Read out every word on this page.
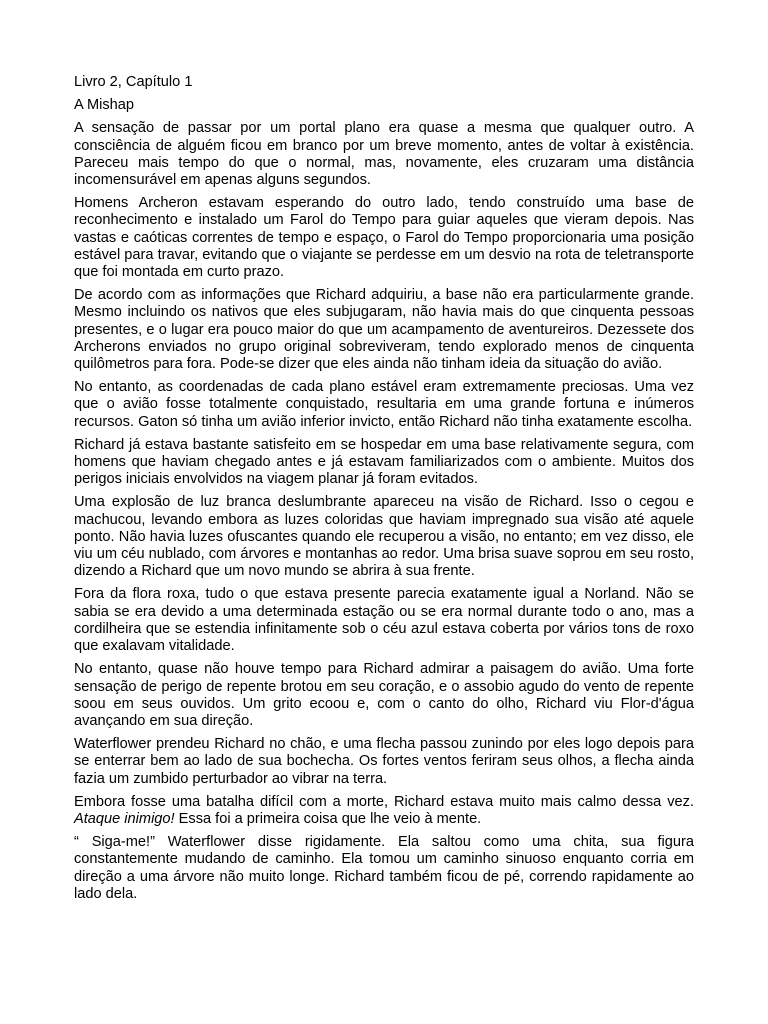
Livro 2, Capítulo 1

A Mishap

A sensação de passar por um portal plano era quase a mesma que qualquer outro. A consciência de alguém ficou em branco por um breve momento, antes de voltar à existência. Pareceu mais tempo do que o normal, mas, novamente, eles cruzaram uma distância incomensurável em apenas alguns segundos.

Homens Archeron estavam esperando do outro lado, tendo construído uma base de reconhecimento e instalado um Farol do Tempo para guiar aqueles que vieram depois. Nas vastas e caóticas correntes de tempo e espaço, o Farol do Tempo proporcionaria uma posição estável para travar, evitando que o viajante se perdesse em um desvio na rota de teletransporte que foi montada em curto prazo.

De acordo com as informações que Richard adquiriu, a base não era particularmente grande. Mesmo incluindo os nativos que eles subjugaram, não havia mais do que cinquenta pessoas presentes, e o lugar era pouco maior do que um acampamento de aventureiros. Dezessete dos Archerons enviados no grupo original sobreviveram, tendo explorado menos de cinquenta quilômetros para fora. Pode-se dizer que eles ainda não tinham ideia da situação do avião.

No entanto, as coordenadas de cada plano estável eram extremamente preciosas. Uma vez que o avião fosse totalmente conquistado, resultaria em uma grande fortuna e inúmeros recursos. Gaton só tinha um avião inferior invicto, então Richard não tinha exatamente escolha.

Richard já estava bastante satisfeito em se hospedar em uma base relativamente segura, com homens que haviam chegado antes e já estavam familiarizados com o ambiente. Muitos dos perigos iniciais envolvidos na viagem planar já foram evitados.

Uma explosão de luz branca deslumbrante apareceu na visão de Richard. Isso o cegou e machucou, levando embora as luzes coloridas que haviam impregnado sua visão até aquele ponto. Não havia luzes ofuscantes quando ele recuperou a visão, no entanto; em vez disso, ele viu um céu nublado, com árvores e montanhas ao redor. Uma brisa suave soprou em seu rosto, dizendo a Richard que um novo mundo se abrira à sua frente.

Fora da flora roxa, tudo o que estava presente parecia exatamente igual a Norland. Não se sabia se era devido a uma determinada estação ou se era normal durante todo o ano, mas a cordilheira que se estendia infinitamente sob o céu azul estava coberta por vários tons de roxo que exalavam vitalidade.

No entanto, quase não houve tempo para Richard admirar a paisagem do avião. Uma forte sensação de perigo de repente brotou em seu coração, e o assobio agudo do vento de repente soou em seus ouvidos. Um grito ecoou e, com o canto do olho, Richard viu Flor-d'água avançando em sua direção.

Waterflower prendeu Richard no chão, e uma flecha passou zunindo por eles logo depois para se enterrar bem ao lado de sua bochecha. Os fortes ventos feriram seus olhos, a flecha ainda fazia um zumbido perturbador ao vibrar na terra.

Embora fosse uma batalha difícil com a morte, Richard estava muito mais calmo dessa vez. Ataque inimigo! Essa foi a primeira coisa que lhe veio à mente.

“ Siga-me!” Waterflower disse rigidamente. Ela saltou como uma chita, sua figura constantemente mudando de caminho. Ela tomou um caminho sinuoso enquanto corria em direção a uma árvore não muito longe. Richard também ficou de pé, correndo rapidamente ao lado dela.
